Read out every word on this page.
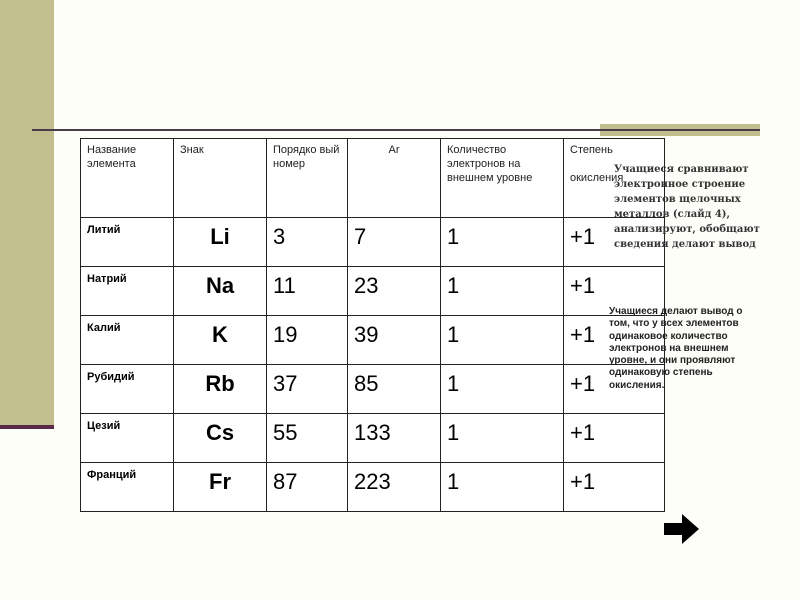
Название элемента	Знак	Порядко вый номер	Ar	Количество электронов на внешнем уровне	Степень

окисления
Литий	Li	3	7	1	+1
Натрий	Na	11	23	1	+1
Калий	K	19	39	1	+1
Рубидий	Rb	37	85	1	+1
Цезий	Cs	55	133	1	+1
Франций	Fr	87	223	1	+1
Учащиеся сравнивают электронное строение элементов щелочных металлов (слайд 4), анализируют, обобщают сведения делают вывод
Учащиеся делают вывод о том, что у всех элементов одинаковое количество электронов на внешнем уровне, и они проявляют одинаковую степень окисления.
